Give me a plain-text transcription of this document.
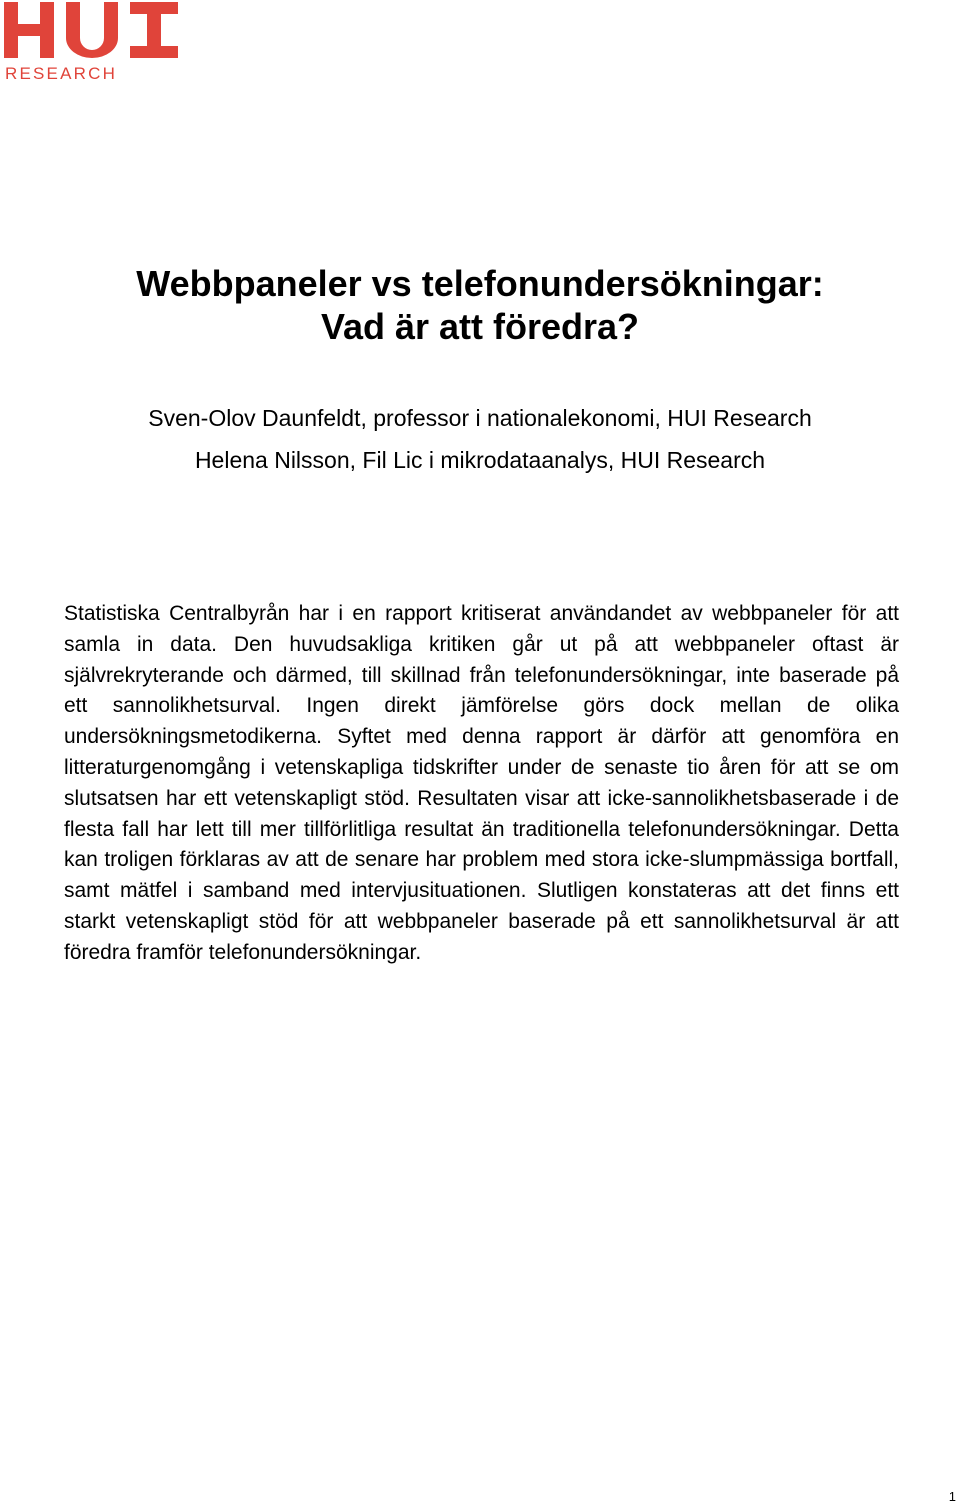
RESEARCH
Webbpaneler vs telefonundersökningar:
Vad är att föredra?
Sven-Olov Daunfeldt, professor i nationalekonomi, HUI Research
Helena Nilsson, Fil Lic i mikrodataanalys, HUI Research

Statistiska Centralbyrån har i en rapport kritiserat användandet av webbpaneler för att samla in data. Den huvudsakliga kritiken går ut på att webbpaneler oftast är självrekryterande och därmed, till skillnad från telefonundersökningar, inte baserade på ett sannolikhetsurval. Ingen direkt jämförelse görs dock mellan de olika undersökningsmetodikerna. Syftet med denna rapport är därför att genomföra en litteraturgenomgång i vetenskapliga tidskrifter under de senaste tio åren för att se om slutsatsen har ett vetenskapligt stöd. Resultaten visar att icke-sannolikhetsbaserade i de flesta fall har lett till mer tillförlitliga resultat än traditionella telefonundersökningar. Detta kan troligen förklaras av att de senare har problem med stora icke-slumpmässiga bortfall, samt mätfel i samband med intervjusituationen. Slutligen konstateras att det finns ett starkt vetenskapligt stöd för att webbpaneler baserade på ett sannolikhetsurval är att föredra framför telefonundersökningar.

1
